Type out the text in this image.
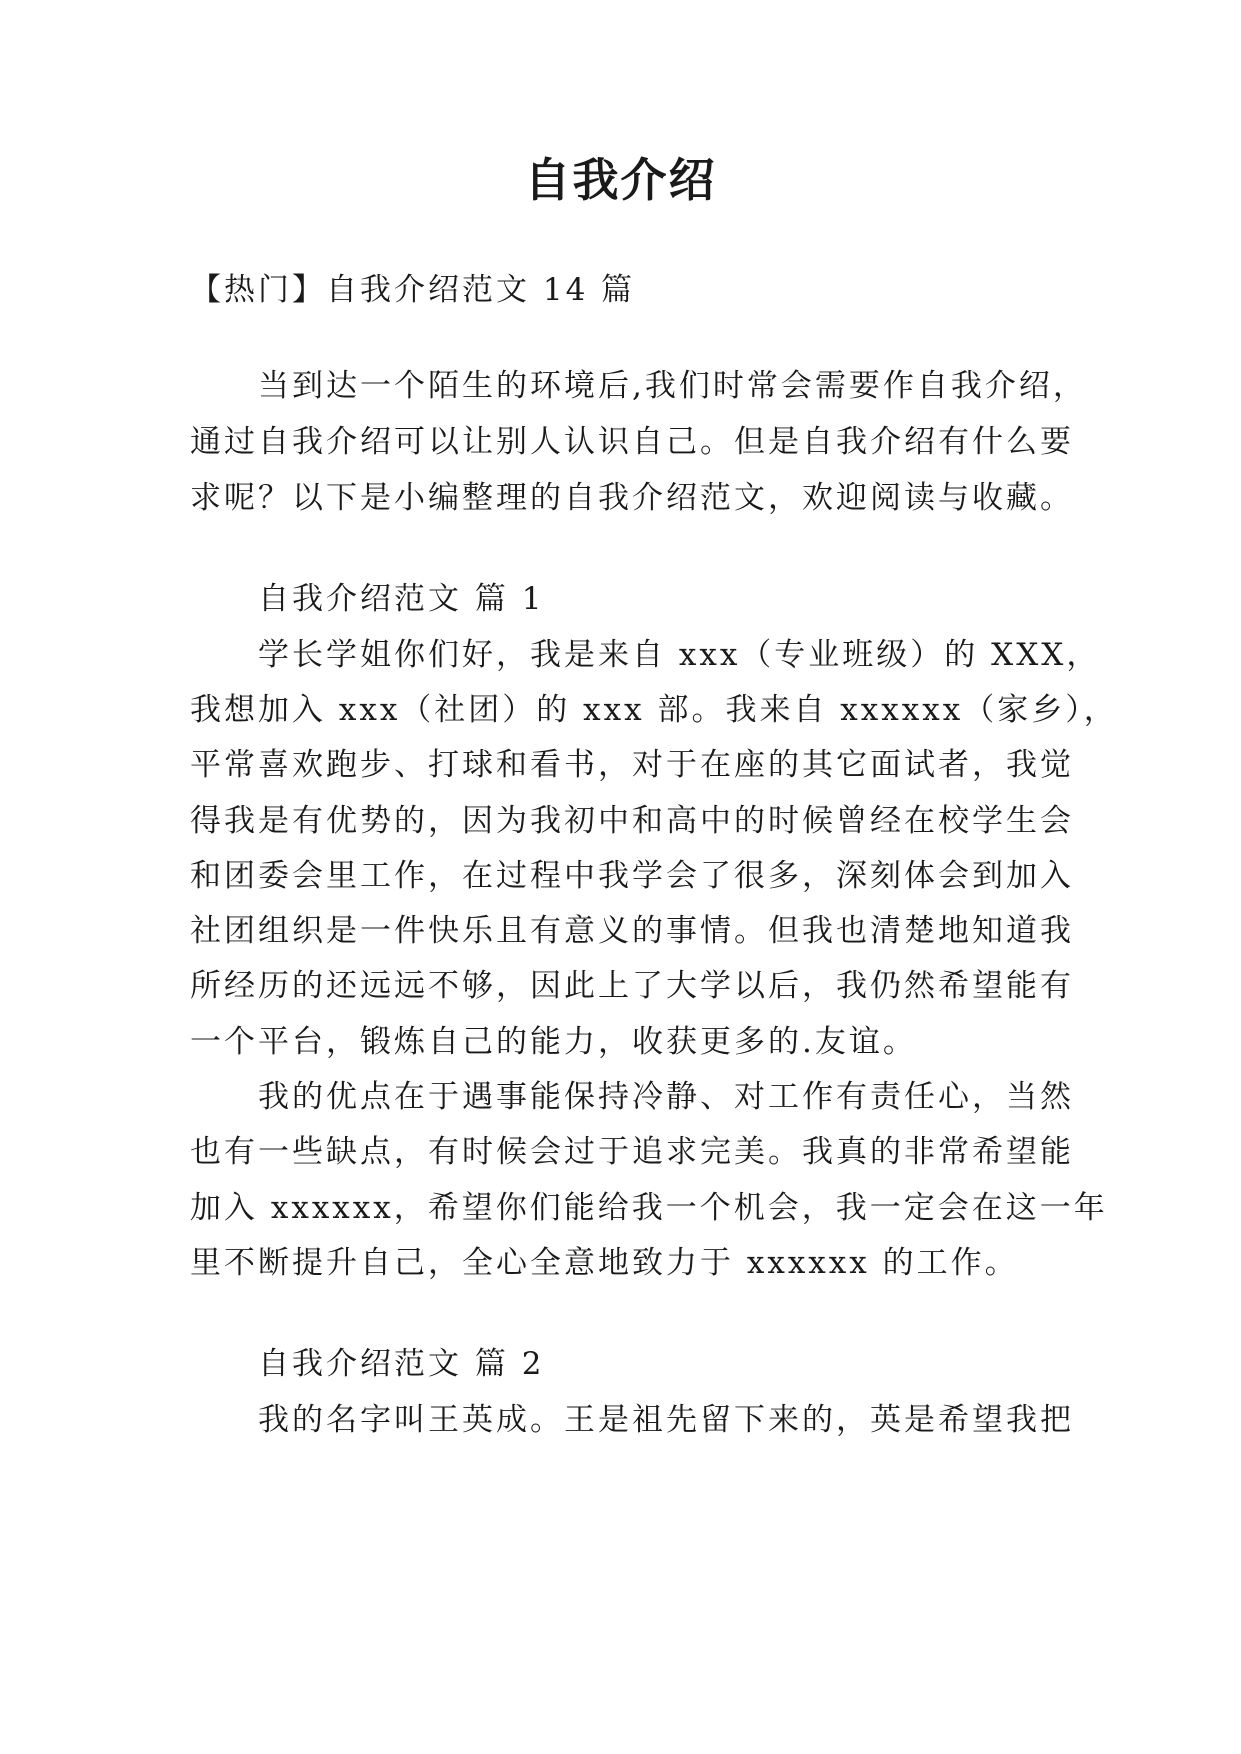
自我介绍
【热门】自我介绍范文 14 篇
当到达一个陌生的环境后,我们时常会需要作自我介绍，
通过自我介绍可以让别人认识自己。但是自我介绍有什么要
求呢？以下是小编整理的自我介绍范文，欢迎阅读与收藏。
自我介绍范文 篇 1
学长学姐你们好，我是来自 xxx（专业班级）的 XXX，
我想加入 xxx（社团）的 xxx 部。我来自 xxxxxx（家乡），
平常喜欢跑步、打球和看书，对于在座的其它面试者，我觉
得我是有优势的，因为我初中和高中的时候曾经在校学生会
和团委会里工作，在过程中我学会了很多，深刻体会到加入
社团组织是一件快乐且有意义的事情。但我也清楚地知道我
所经历的还远远不够，因此上了大学以后，我仍然希望能有
一个平台，锻炼自己的能力，收获更多的.友谊。
我的优点在于遇事能保持冷静、对工作有责任心，当然
也有一些缺点，有时候会过于追求完美。我真的非常希望能
加入 xxxxxx，希望你们能给我一个机会，我一定会在这一年
里不断提升自己，全心全意地致力于 xxxxxx 的工作。
自我介绍范文 篇 2
我的名字叫王英成。王是祖先留下来的，英是希望我把
